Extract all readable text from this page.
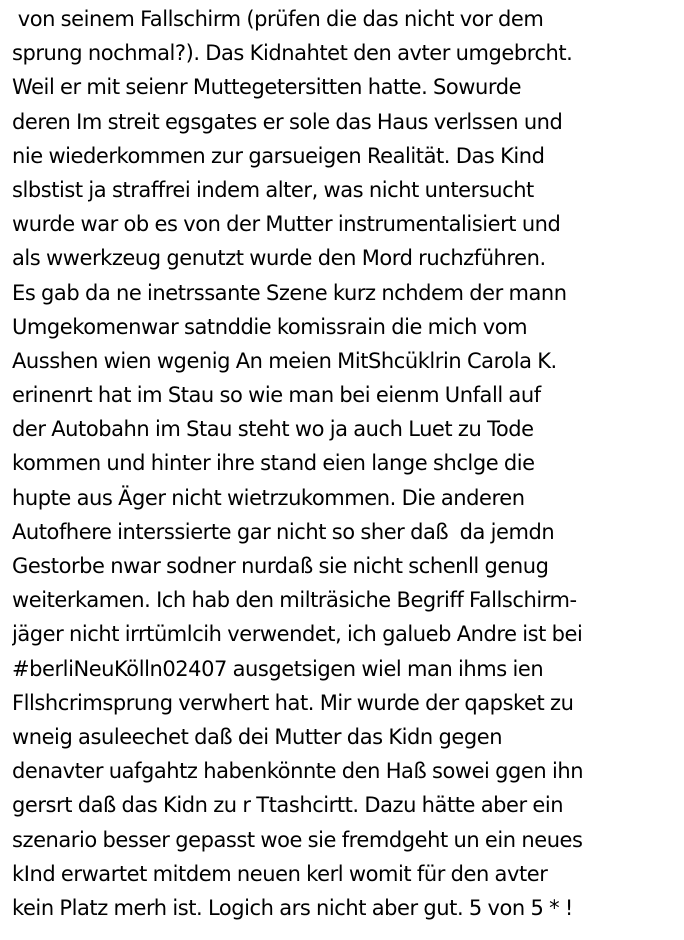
von seinem Fallschirm (prüfen die das nicht vor dem
sprung nochmal?). Das Kidnahtet den avter umgebrcht.
Weil er mit seienr Muttegetersitten hatte. Sowurde
deren Im streit egsgates er sole das Haus verlssen und
nie wiederkommen zur garsueigen Realität. Das Kind
slbstist ja straffrei indem alter, was nicht untersucht
wurde war ob es von der Mutter instrumentalisiert und
als wwerkzeug genutzt wurde den Mord ruchzführen.
Es gab da ne inetrssante Szene kurz nchdem der mann
Umgekomenwar satnddie komissrain die mich vom
Ausshen wien wgenig An meien MitShcüklrin Carola K.
erinenrt hat im Stau so wie man bei eienm Unfall auf
der Autobahn im Stau steht wo ja auch Luet zu Tode
kommen und hinter ihre stand eien lange shclge die
hupte aus Äger nicht wietrzukommen. Die anderen
Autofhere interssierte gar nicht so sher daß  da jemdn
Gestorbe nwar sodner nurdaß sie nicht schenll genug
weiterkamen. Ich hab den milträsiche Begriff Fallschirm-
jäger nicht irrtümlcih verwendet, ich galueb Andre ist bei
#berliNeuKölln02407 ausgetsigen wiel man ihms ien
Fllshcrimsprung verwhert hat. Mir wurde der qapsket zu
wneig asuleechet daß dei Mutter das Kidn gegen
denavter uafgahtz habenkönnte den Haß sowei ggen ihn
gersrt daß das Kidn zu r Ttashcirtt. Dazu hätte aber ein
szenario besser gepasst woe sie fremdgeht un ein neues
kInd erwartet mitdem neuen kerl womit für den avter
kein Platz merh ist. Logich ars nicht aber gut. 5 von 5 * !
